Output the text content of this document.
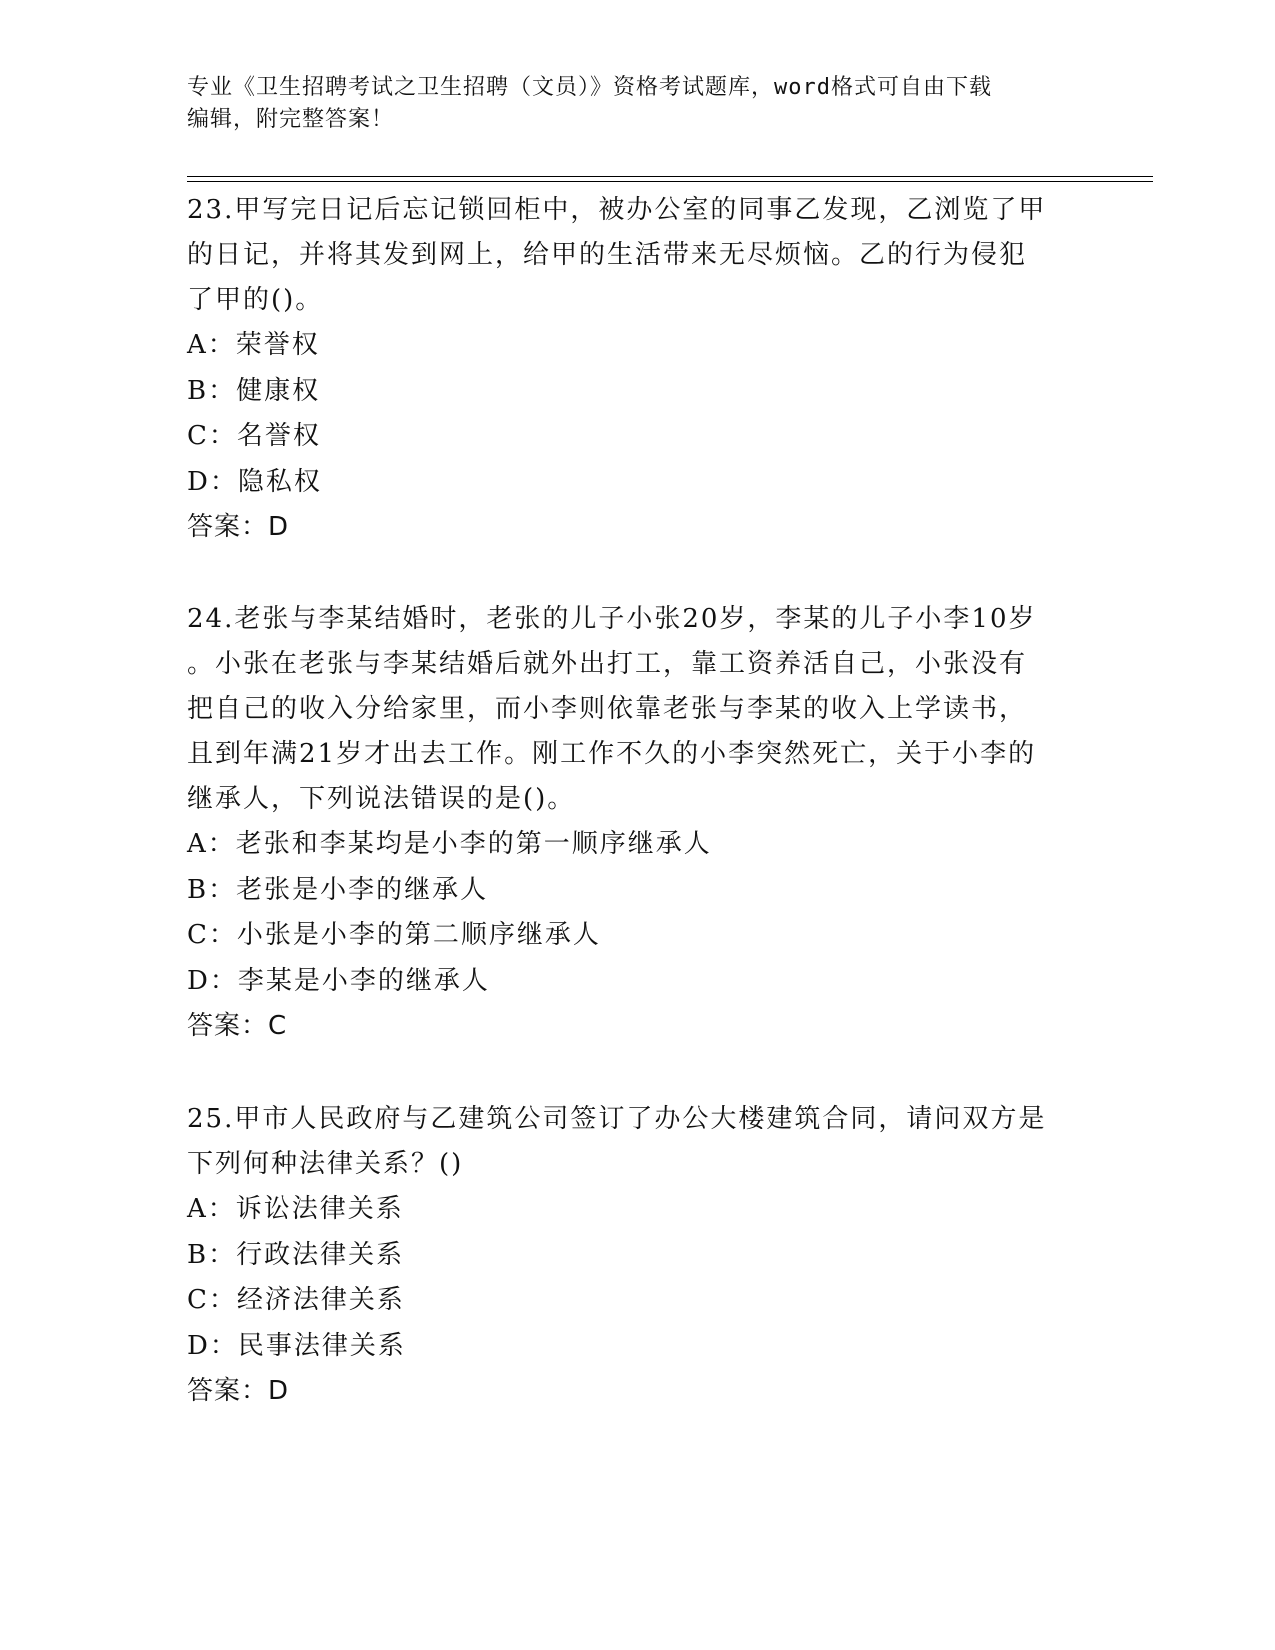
专业《卫生招聘考试之卫生招聘（文员）》资格考试题库，word格式可自由下载
编辑，附完整答案！
23.甲写完日记后忘记锁回柜中，被办公室的同事乙发现，乙浏览了甲
的日记，并将其发到网上，给甲的生活带来无尽烦恼。乙的行为侵犯
了甲的()。
A：荣誉权
B：健康权
C：名誉权
D：隐私权
答案：D
24.老张与李某结婚时，老张的儿子小张20岁，李某的儿子小李10岁
。小张在老张与李某结婚后就外出打工，靠工资养活自己，小张没有
把自己的收入分给家里，而小李则依靠老张与李某的收入上学读书，
且到年满21岁才出去工作。刚工作不久的小李突然死亡，关于小李的
继承人，下列说法错误的是()。
A：老张和李某均是小李的第一顺序继承人
B：老张是小李的继承人
C：小张是小李的第二顺序继承人
D：李某是小李的继承人
答案：C
25.甲市人民政府与乙建筑公司签订了办公大楼建筑合同，请问双方是
下列何种法律关系？()
A：诉讼法律关系
B：行政法律关系
C：经济法律关系
D：民事法律关系
答案：D
